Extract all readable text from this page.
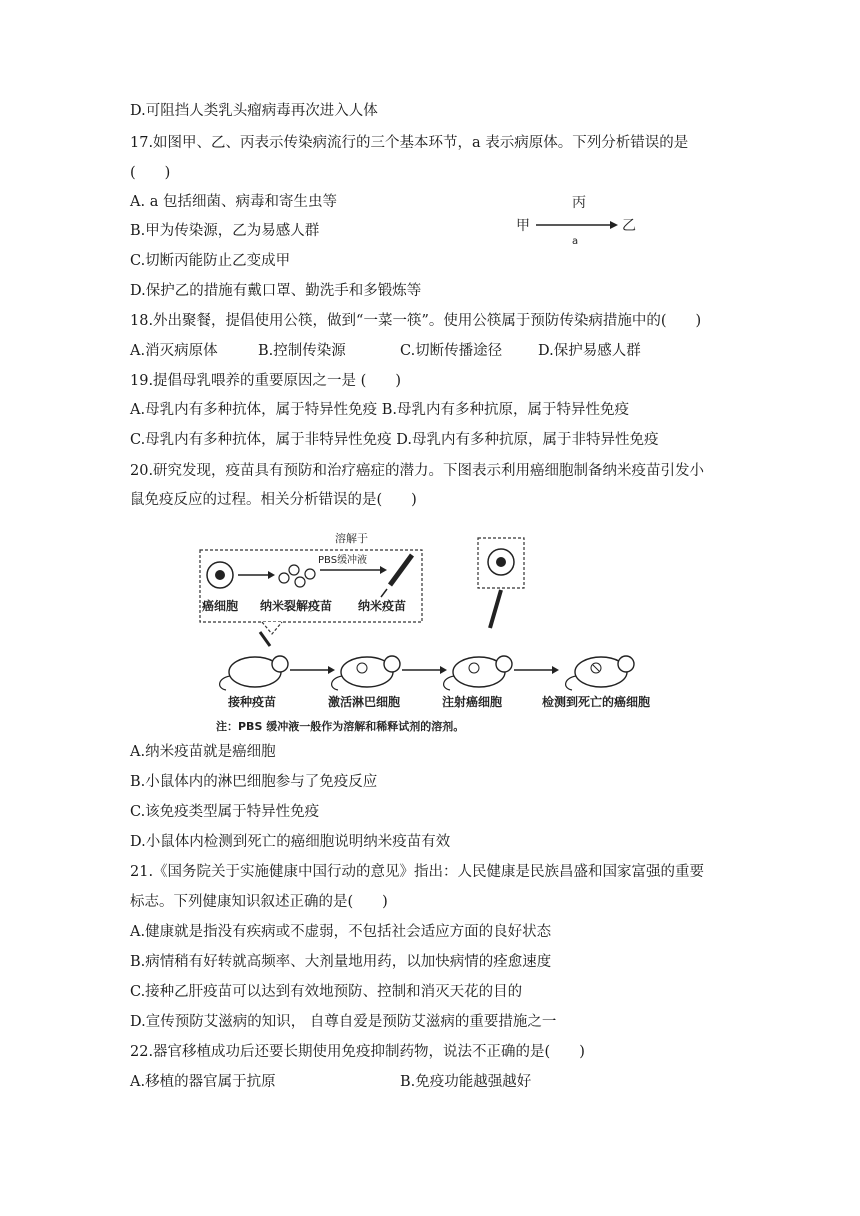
D.可阻挡人类乳头瘤病毒再次进入人体
17.如图甲、乙、丙表示传染病流行的三个基本环节，a 表示病原体。下列分析错误的是
(　　)
A. a 包括细菌、病毒和寄生虫等
B.甲为传染源，乙为易感人群
C.切断丙能防止乙变成甲
D.保护乙的措施有戴口罩、勤洗手和多锻炼等
丙
甲	乙
a
18.外出聚餐，提倡使用公筷，做到“一菜一筷”。使用公筷属于预防传染病措施中的(　　)
A.消灭病原体	B.控制传染源	C.切断传播途径 D.保护易感人群
19.提倡母乳喂养的重要原因之一是 (　　)
A.母乳内有多种抗体，属于特异性免疫 B.母乳内有多种抗原，属于特异性免疫
C.母乳内有多种抗体，属于非特异性免疫 D.母乳内有多种抗原，属于非特异性免疫
20.研究发现，疫苗具有预防和治疗癌症的潜力。下图表示利用癌细胞制备纳米疫苗引发小
鼠免疫反应的过程。相关分析错误的是(　　)
癌细胞 纳米裂解疫苗
溶解于
PBS缓冲液
纳米疫苗
接种疫苗	激活淋巴细胞	注射癌细胞	检测到死亡的癌细胞
注：PBS 缓冲液一般作为溶解和稀释试剂的溶剂。
A.纳米疫苗就是癌细胞
B.小鼠体内的淋巴细胞参与了免疫反应
C.该免疫类型属于特异性免疫
D.小鼠体内检测到死亡的癌细胞说明纳米疫苗有效
21.《国务院关于实施健康中国行动的意见》指出：人民健康是民族昌盛和国家富强的重要
标志。下列健康知识叙述正确的是(　　)
A.健康就是指没有疾病或不虚弱，不包括社会适应方面的良好状态
B.病情稍有好转就高频率、大剂量地用药，以加快病情的痊愈速度
C.接种乙肝疫苗可以达到有效地预防、控制和消灭天花的目的
D.宣传预防艾滋病的知识， 自尊自爱是预防艾滋病的重要措施之一
22.器官移植成功后还要长期使用免疫抑制药物，说法不正确的是(　　)
A.移植的器官属于抗原	B.免疫功能越强越好
